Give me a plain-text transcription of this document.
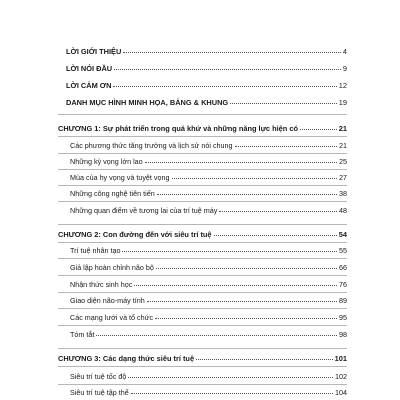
LỜI GIỚI THIỆU	4
LỜI NÓI ĐẦU	9
LỜI CẢM ƠN	12
DANH MỤC HÌNH MINH HỌA, BẢNG & KHUNG	19
CHƯƠNG 1: Sự phát triển trong quá khứ và những năng lực hiện có	21
Các phương thức tăng trưởng và lịch sử nói chung	21
Những kỳ vọng lớn lao	25
Mùa của hy vọng và tuyệt vọng	27
Những công nghệ tiên tiến	38
Những quan điểm về tương lai của trí tuệ máy	48
CHƯƠNG 2: Con đường đến với siêu trí tuệ	54
Trí tuệ nhân tạo	55
Giả lập hoàn chỉnh não bộ	66
Nhận thức sinh học	76
Giao diện não-máy tính	89
Các mạng lưới và tổ chức	95
Tóm tắt	98
CHƯƠNG 3: Các dạng thức siêu trí tuệ	101
Siêu trí tuệ tốc độ	102
Siêu trí tuệ tập thể	104
